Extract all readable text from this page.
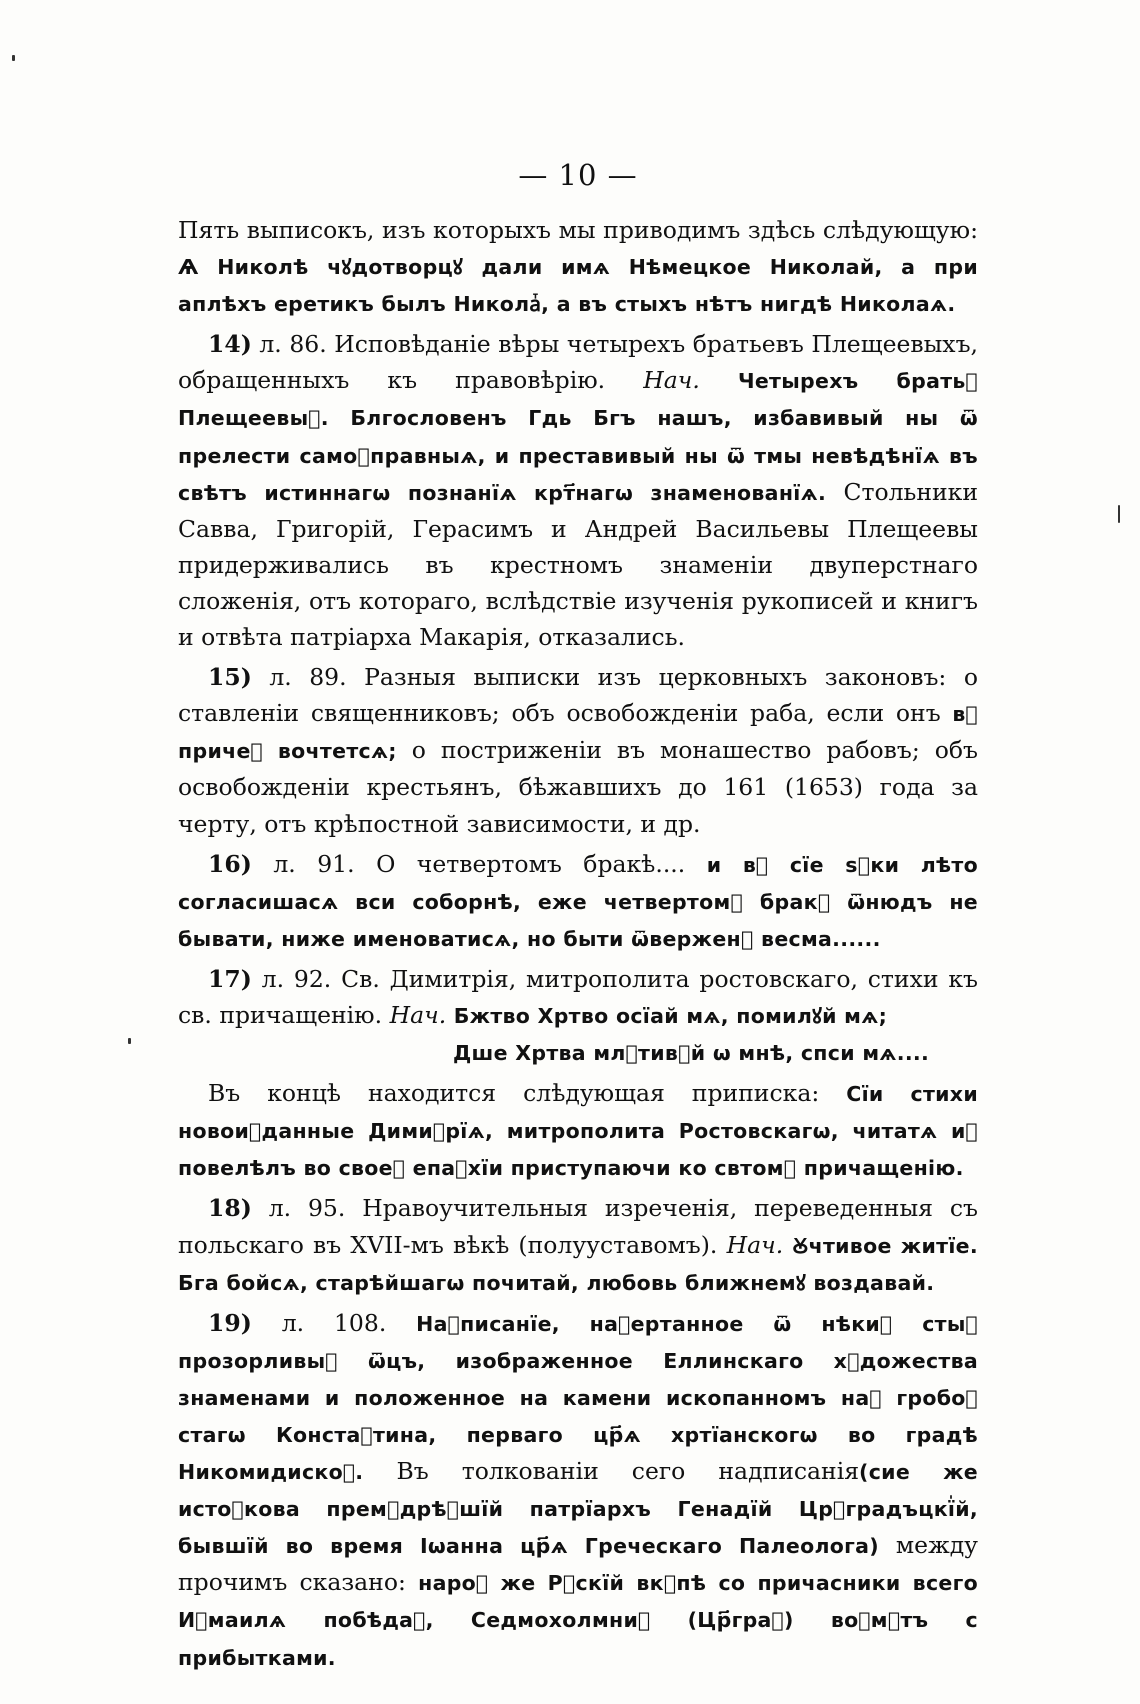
— 10 —

Пять выписокъ, изъ которыхъ мы приводимъ здѣсь слѣдующую: Ѧ Николѣ чꙋдотворцꙋ дали имѧ Нѣмецкое Николай, а при аплѣхъ еретикъ былъ Николаⷮ, а въ стыхъ нѣтъ нигдѣ Николаѧ.

14) л. 86. Исповѣданіе вѣры четырехъ братьевъ Плещеевыхъ, обращенныхъ къ правовѣрію. Нач. Четырехъ братьⷡ Плещеевыⷯ. Блгословенъ Гдь Бгъ нашъ, избавивый ны ѿ прелести самоꙋправныѧ, и преставивый ны ѿ тмы невѣдѣнїѧ въ свѣтъ истиннагѡ познанїѧ крт҃нагѡ знаменованїѧ. Стольники Савва, Григорій, Герасимъ и Андрей Васильевы Плещеевы придерживались въ крестномъ знаменіи двуперстнаго сложенія, отъ котораго, вслѣдствіе изученія рукописей и книгъ и отвѣта патріарха Макарія, отказались.

15) л. 89. Разныя выписки изъ церковныхъ законовъ: о ставленіи священниковъ; объ освобожденіи раба, если онъ вⷱ причеⷮ вочтетсѧ; о постриженіи въ монашество рабовъ; объ освобожденіи крестьянъ, бѣжавшихъ до 161 (1653) года за черту, отъ крѣпостной зависимости, и др.

16) л. 91. О четвертомъ бракѣ.... и вⷭ сїе ѕꙋки лѣто согласишасѧ вси соборнѣ, еже четвертомꙋ бракꙋ ѿнюдъ не бывати, ниже именоватисѧ, но быти ѿверженꙋ весма......

17) л. 92. Св. Димитрія, митрополита ростовскаго, стихи къ св. причащенію. Нач. Бжтво Хртво осїай мѧ, помилꙋй мѧ;

Дше Хртва млⷭтивꙋй ѡ мнѣ, спси мѧ....

Въ концѣ находится слѣдующая приписка: Сїи стихи новоиⷣданные Димиⷮрїѧ, митрополита Ростовскагѡ, читатѧ иⷯ повелѣлъ во своеⷨ епаⷬхїи приступаючи ко свтомꙋ причащенію.

18) л. 95. Нравоучительныя изреченія, переведенныя съ польскаго въ XVII-мъ вѣкѣ (полууставомъ). Нач. Ꙋчтивое житїе. Бга бойсѧ, старѣйшагѡ почитай, любовь ближнемꙋ воздавай.

19) л. 108. Наⷣписанїе, наⷱертанное ѿ нѣкиⷯ стыⷯ прозорливыⷯ ѿцъ, изображенное Еллинскаго хꙋдожества знаменами и положенное на камени ископанномъ наⷣ гробоⷨ стагѡ Констаⷩтина, перваго цр҃ѧ хртїанскогѡ во градѣ Никомидискоⷨ. Въ толкованіи сего надписанія(сие же истоⷱкова премꙋдрѣⷭшїй патрїархъ Генадїй Црⷭградъцкїй, бывшїй во время Іѡанна цр҃ѧ Греческаго Палеолога) между прочимъ сказано: нароⷣ же Рꙋскїй вкꙋпѣ со причасники всего Иⷥмаилѧ побѣдаⷮ, Седмохолмниⷤ (Цр҃граⷣ) воⷭмꙋтъ с прибытками.
